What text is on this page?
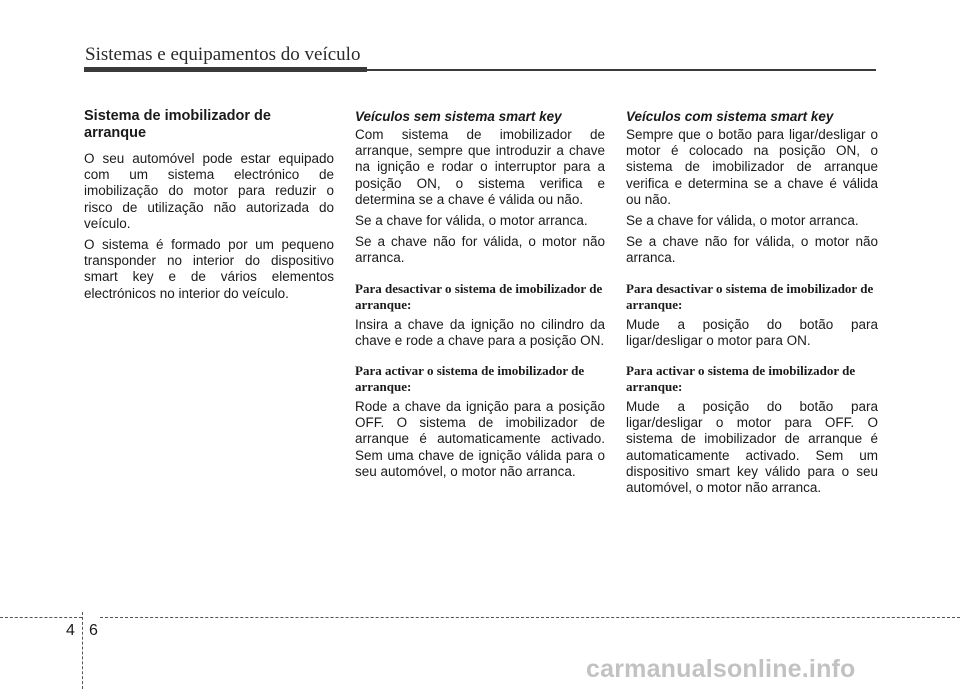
Sistemas e equipamentos do veículo
Sistema de imobilizador de arranque

O seu automóvel pode estar equipado com um sistema electrónico de imobilização do motor para reduzir o risco de utilização não autorizada do veículo.

O sistema é formado por um pequeno transponder no interior do dispositivo smart key e de vários elementos electrónicos no interior do veículo.

Veículos sem sistema smart key

Com sistema de imobilizador de arranque, sempre que introduzir a chave na ignição e rodar o interruptor para a posição ON, o sistema verifica e determina se a chave é válida ou não.

Se a chave for válida, o motor arranca.

Se a chave não for válida, o motor não arranca.

Para desactivar o sistema de imobilizador de arranque:

Insira a chave da ignição no cilindro da chave e rode a chave para a posição ON.

Para activar o sistema de imobilizador de arranque:

Rode a chave da ignição para a posição OFF. O sistema de imobilizador de arranque é automaticamente activado. Sem uma chave de ignição válida para o seu automóvel, o motor não arranca.

Veículos com sistema smart key

Sempre que o botão para ligar/desligar o motor é colocado na posição ON, o sistema de imobilizador de arranque verifica e determina se a chave é válida ou não.

Se a chave for válida, o motor arranca.

Se a chave não for válida, o motor não arranca.

Para desactivar o sistema de imobilizador de arranque:

Mude a posição do botão para ligar/desligar o motor para ON.

Para activar o sistema de imobilizador de arranque:

Mude a posição do botão para ligar/desligar o motor para OFF. O sistema de imobilizador de arranque é automaticamente activado. Sem um dispositivo smart key válido para o seu automóvel, o motor não arranca.

4 6
carmanualsonline.info
